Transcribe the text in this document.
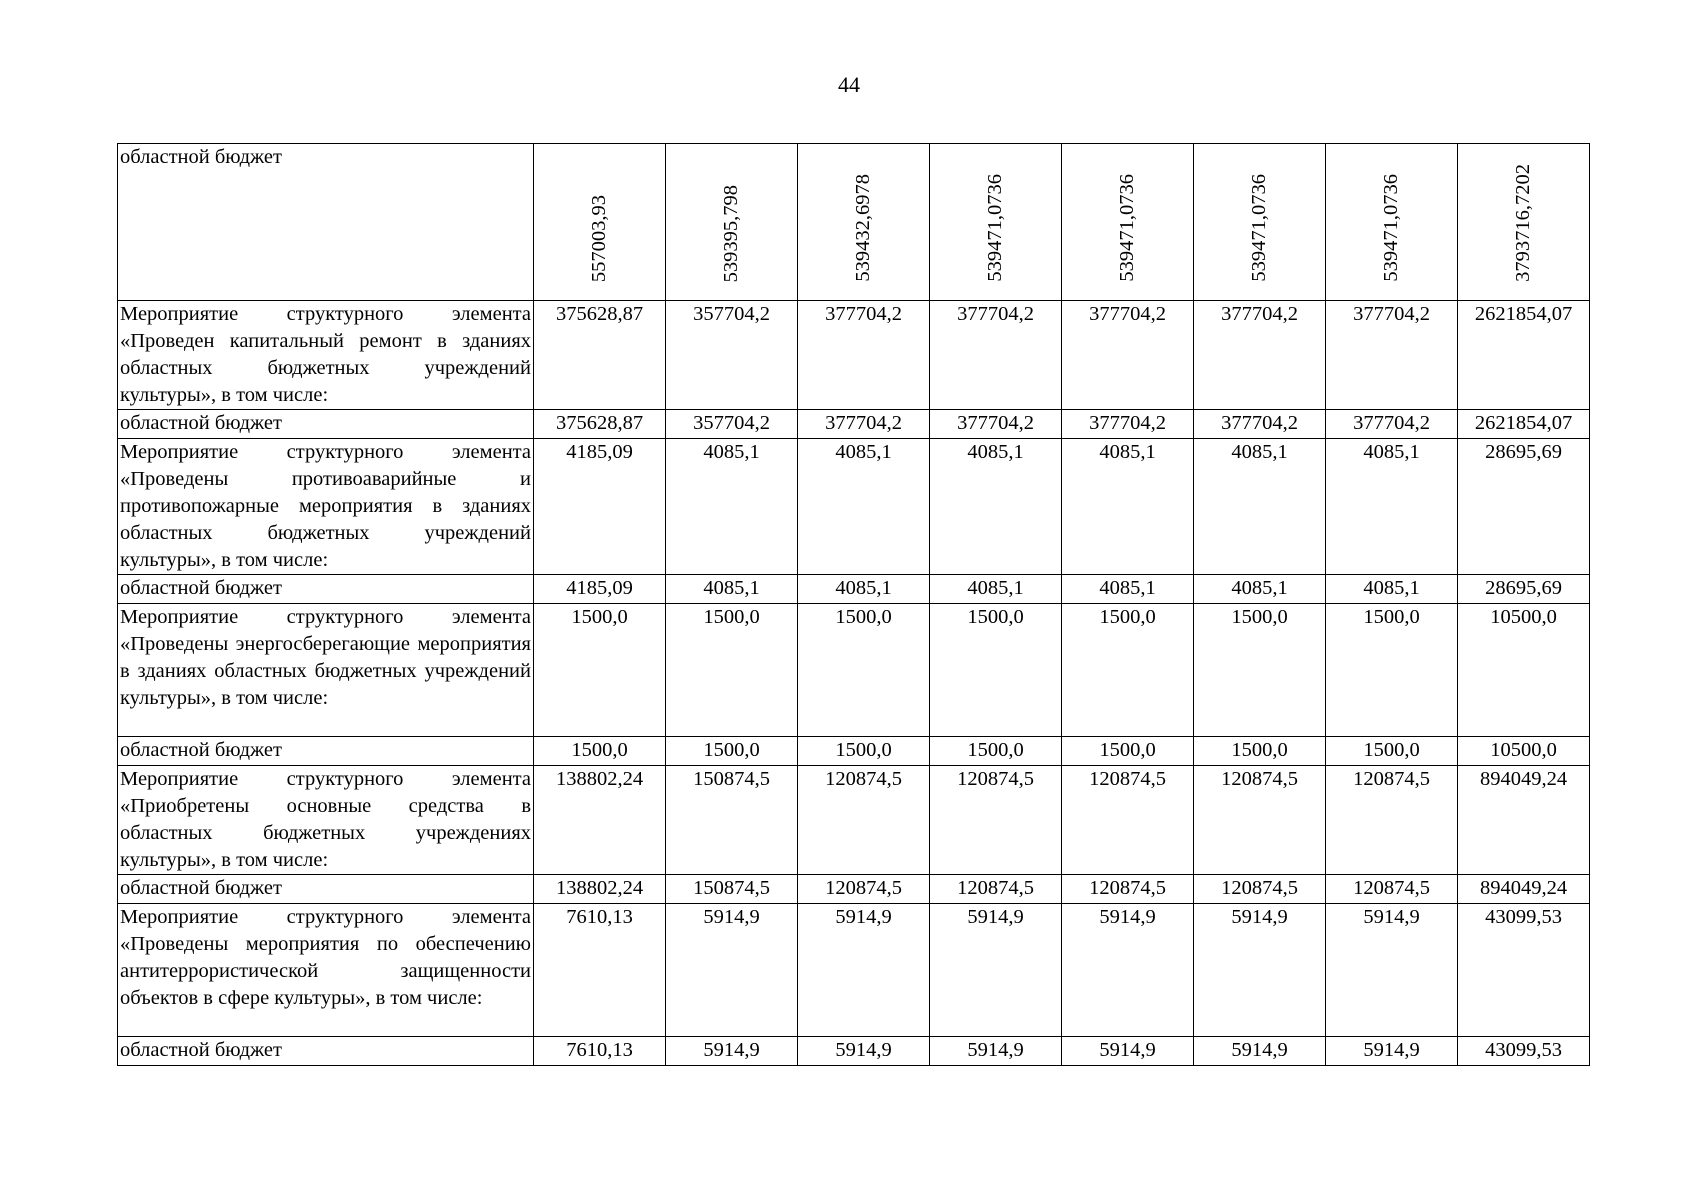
44
областной бюджет	557003,93	539395,798	539432,6978	539471,0736	539471,0736	539471,0736	539471,0736	3793716,7202

Мероприятие структурного элемента «Проведен капитальный ремонт в зданиях областных бюджетных учреждений культуры», в том числе:	375628,87	357704,2	377704,2	377704,2	377704,2	377704,2	377704,2	2621854,07
областной бюджет	375628,87	357704,2	377704,2	377704,2	377704,2	377704,2	377704,2	2621854,07
Мероприятие структурного элемента «Проведены противоаварийные и противопожарные мероприятия в зданиях областных бюджетных учреждений культуры», в том числе:	4185,09	4085,1	4085,1	4085,1	4085,1	4085,1	4085,1	28695,69
областной бюджет	4185,09	4085,1	4085,1	4085,1	4085,1	4085,1	4085,1	28695,69
Мероприятие структурного элемента «Проведены энергосберегающие мероприятия в зданиях областных бюджетных учреждений культуры», в том числе:	1500,0	1500,0	1500,0	1500,0	1500,0	1500,0	1500,0	10500,0
областной бюджет	1500,0	1500,0	1500,0	1500,0	1500,0	1500,0	1500,0	10500,0
Мероприятие структурного элемента «Приобретены основные средства в областных бюджетных учреждениях культуры», в том числе:	138802,24	150874,5	120874,5	120874,5	120874,5	120874,5	120874,5	894049,24
областной бюджет	138802,24	150874,5	120874,5	120874,5	120874,5	120874,5	120874,5	894049,24
Мероприятие структурного элемента «Проведены мероприятия по обеспечению антитеррористической защищенности объектов в сфере культуры», в том числе:	7610,13	5914,9	5914,9	5914,9	5914,9	5914,9	5914,9	43099,53
областной бюджет	7610,13	5914,9	5914,9	5914,9	5914,9	5914,9	5914,9	43099,53
